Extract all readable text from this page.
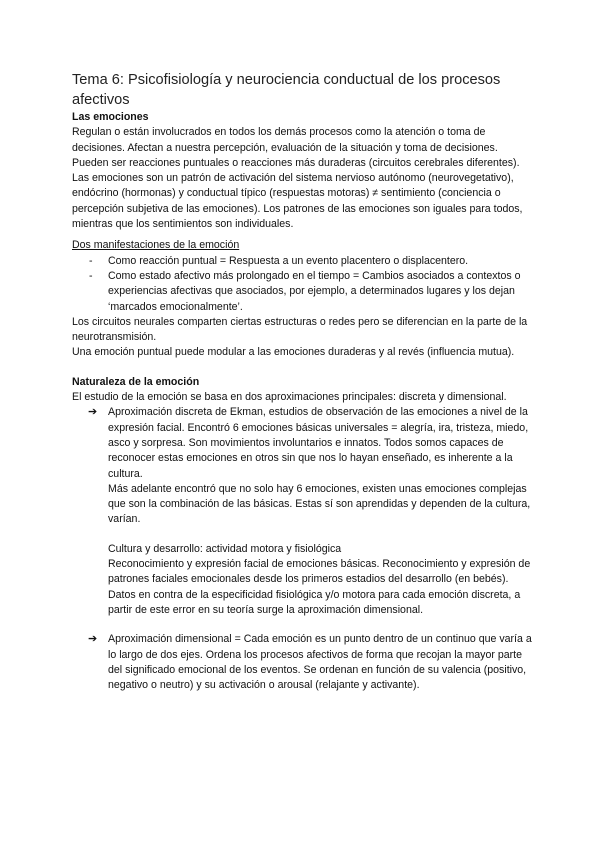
Tema 6: Psicofisiología y neurociencia conductual de los procesos afectivos

Las emociones

Regulan o están involucrados en todos los demás procesos como la atención o toma de decisiones. Afectan a nuestra percepción, evaluación de la situación y toma de decisiones. Pueden ser reacciones puntuales o reacciones más duraderas (circuitos cerebrales diferentes). Las emociones son un patrón de activación del sistema nervioso autónomo (neurovegetativo), endócrino (hormonas) y conductual típico (respuestas motoras) ≠ sentimiento (conciencia o percepción subjetiva de las emociones). Los patrones de las emociones son iguales para todos, mientras que los sentimientos son individuales.

Dos manifestaciones de la emoción

- Como reacción puntual = Respuesta a un evento placentero o displacentero.
- Como estado afectivo más prolongado en el tiempo = Cambios asociados a contextos o experiencias afectivas que asociados, por ejemplo, a determinados lugares y los dejan ‘marcados emocionalmente’.

Los circuitos neurales comparten ciertas estructuras o redes pero se diferencian en la parte de la neurotransmisión.

Una emoción puntual puede modular a las emociones duraderas y al revés (influencia mutua).

Naturaleza de la emoción

El estudio de la emoción se basa en dos aproximaciones principales: discreta y dimensional.

➔ Aproximación discreta de Ekman, estudios de observación de las emociones a nivel de la expresión facial. Encontró 6 emociones básicas universales = alegría, ira, tristeza, miedo, asco y sorpresa. Son movimientos involuntarios e innatos. Todos somos capaces de reconocer estas emociones en otros sin que nos lo hayan enseñado, es inherente a la cultura.

Más adelante encontró que no solo hay 6 emociones, existen unas emociones complejas que son la combinación de las básicas. Estas sí son aprendidas y dependen de la cultura, varían.

Cultura y desarrollo: actividad motora y fisiológica

Reconocimiento y expresión facial de emociones básicas. Reconocimiento y expresión de patrones faciales emocionales desde los primeros estadios del desarrollo (en bebés). Datos en contra de la especificidad fisiológica y/o motora para cada emoción discreta, a partir de este error en su teoría surge la aproximación dimensional.

➔ Aproximación dimensional = Cada emoción es un punto dentro de un continuo que varía a lo largo de dos ejes. Ordena los procesos afectivos de forma que recojan la mayor parte del significado emocional de los eventos. Se ordenan en función de su valencia (positivo, negativo o neutro) y su activación o arousal (relajante y activante).
